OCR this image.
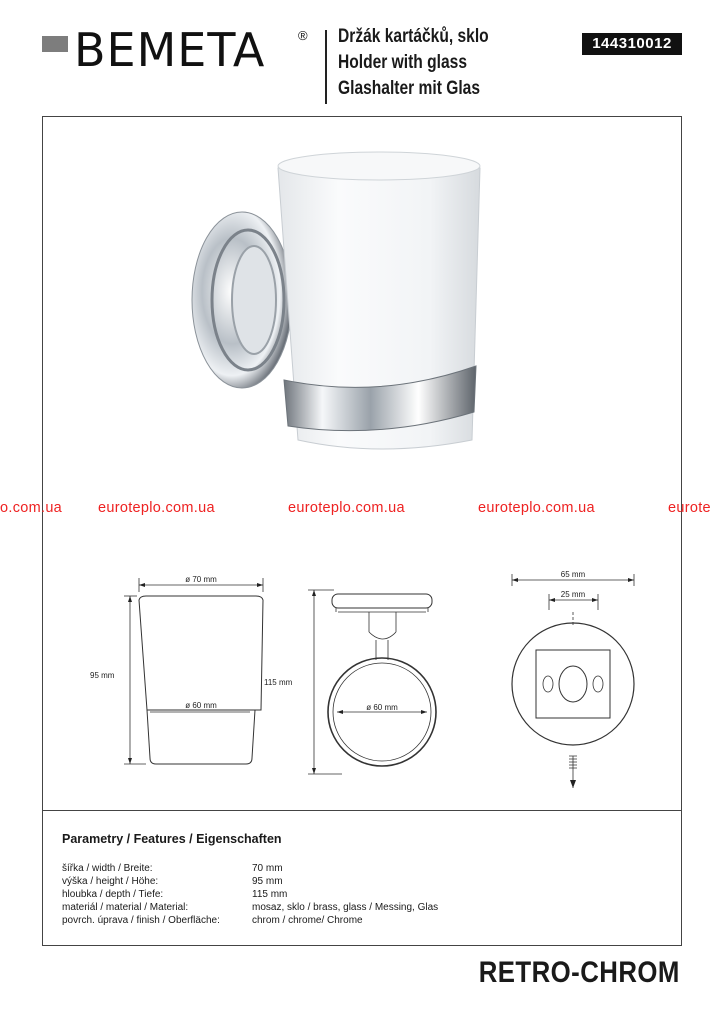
BEMETA	® Držák kartáčků, sklo
Holder with glass
Glashalter mit Glas
144310012
o.com.ua euroteplo.com.ua	euroteplo.com.ua	euroteplo.com.ua	eurote
ø 70 mm
95 mm
ø 60 mm
115 mm
ø 60 mm
65 mm
25 mm
Parametry / Features / Eigenschaften
šířka / width / Breite:	70 mm
výška / height / Höhe:	95 mm
hloubka / depth / Tiefe:	115 mm
materiál / material / Material:	mosaz, sklo / brass, glass / Messing, Glas
povrch. úprava / finish / Oberfläche:	chrom / chrome/ Chrome
RETRO-CHROM
